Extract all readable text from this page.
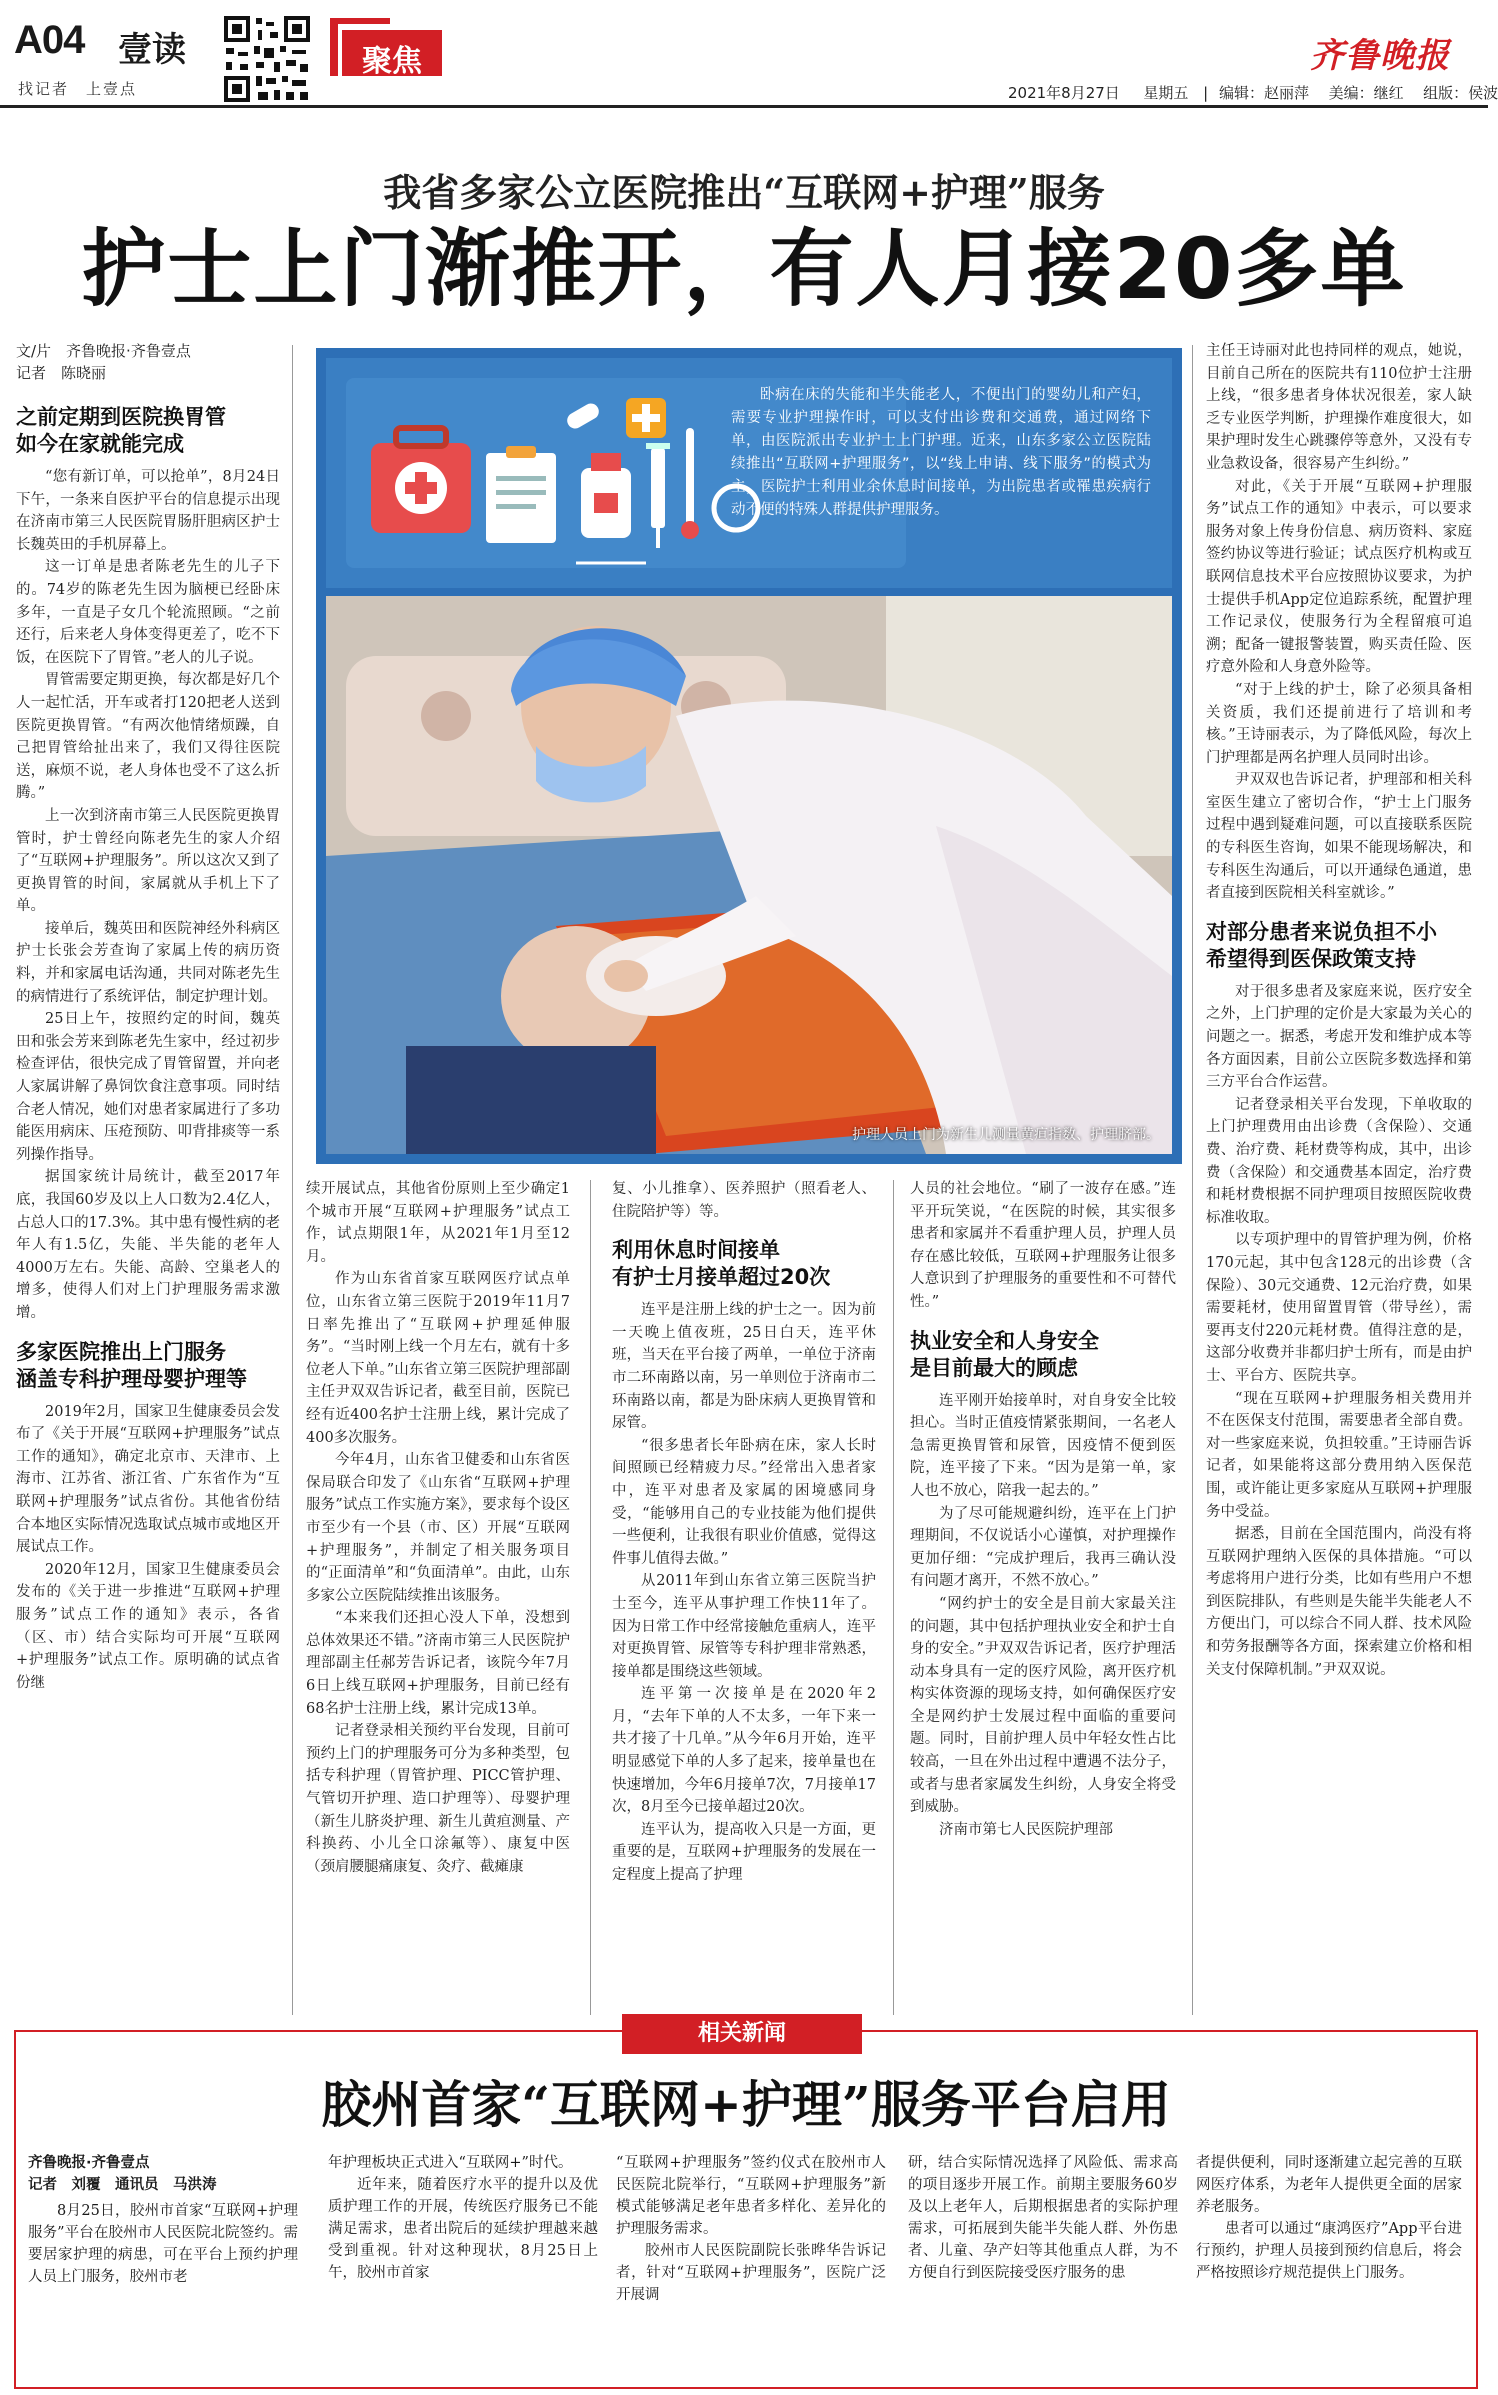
A04 壹读
找记者　上壹点
聚焦
2021年8月27日 星期五 | 编辑：赵丽萍 美编：继红 组版：侯波
齐鲁晚报
我省多家公立医院推出“互联网+护理”服务
护士上门渐推开，有人月接20多单

文/片　齐鲁晚报·齐鲁壹点

记者　陈晓丽

之前定期到医院换胃管
如今在家就能完成

“您有新订单，可以抢单”，8月24日下午，一条来自医护平台的信息提示出现在济南市第三人民医院胃肠肝胆病区护士长魏英田的手机屏幕上。

这一订单是患者陈老先生的儿子下的。74岁的陈老先生因为脑梗已经卧床多年，一直是子女几个轮流照顾。“之前还行，后来老人身体变得更差了，吃不下饭，在医院下了胃管。”老人的儿子说。

胃管需要定期更换，每次都是好几个人一起忙活，开车或者打120把老人送到医院更换胃管。“有两次他情绪烦躁，自己把胃管给扯出来了，我们又得往医院送，麻烦不说，老人身体也受不了这么折腾。”

上一次到济南市第三人民医院更换胃管时，护士曾经向陈老先生的家人介绍了“互联网+护理服务”。所以这次又到了更换胃管的时间，家属就从手机上下了单。

接单后，魏英田和医院神经外科病区护士长张会芳查询了家属上传的病历资料，并和家属电话沟通，共同对陈老先生的病情进行了系统评估，制定护理计划。

25日上午，按照约定的时间，魏英田和张会芳来到陈老先生家中，经过初步检查评估，很快完成了胃管留置，并向老人家属讲解了鼻饲饮食注意事项。同时结合老人情况，她们对患者家属进行了多功能医用病床、压疮预防、叩背排痰等一系列操作指导。

据国家统计局统计，截至2017年底，我国60岁及以上人口数为2.4亿人，占总人口的17.3%。其中患有慢性病的老年人有1.5亿，失能、半失能的老年人4000万左右。失能、高龄、空巢老人的增多，使得人们对上门护理服务需求激增。

多家医院推出上门服务
涵盖专科护理母婴护理等

2019年2月，国家卫生健康委员会发布了《关于开展“互联网+护理服务”试点工作的通知》，确定北京市、天津市、上海市、江苏省、浙江省、广东省作为“互联网+护理服务”试点省份。其他省份结合本地区实际情况选取试点城市或地区开展试点工作。

2020年12月，国家卫生健康委员会发布的《关于进一步推进“互联网+护理服务”试点工作的通知》表示，各省（区、市）结合实际均可开展“互联网+护理服务”试点工作。原明确的试点省份继

卧病在床的失能和半失能老人，不便出门的婴幼儿和产妇，需要专业护理操作时，可以支付出诊费和交通费，通过网络下单，由医院派出专业护士上门护理。近来，山东多家公立医院陆续推出“互联网+护理服务”，以“线上申请、线下服务”的模式为主，医院护士利用业余休息时间接单，为出院患者或罹患疾病行动不便的特殊人群提供护理服务。
护理人员上门为新生儿测量黄疸指数、护理脐部。

续开展试点，其他省份原则上至少确定1个城市开展“互联网+护理服务”试点工作，试点期限1年，从2021年1月至12月。

作为山东省首家互联网医疗试点单位，山东省立第三医院于2019年11月7日率先推出了“互联网+护理延伸服务”。“当时刚上线一个月左右，就有十多位老人下单。”山东省立第三医院护理部副主任尹双双告诉记者，截至目前，医院已经有近400名护士注册上线，累计完成了400多次服务。

今年4月，山东省卫健委和山东省医保局联合印发了《山东省“互联网+护理服务”试点工作实施方案》，要求每个设区市至少有一个县（市、区）开展“互联网+护理服务”，并制定了相关服务项目的“正面清单”和“负面清单”。由此，山东多家公立医院陆续推出该服务。

“本来我们还担心没人下单，没想到总体效果还不错。”济南市第三人民医院护理部副主任郝芳告诉记者，该院今年7月6日上线互联网+护理服务，目前已经有68名护士注册上线，累计完成13单。

记者登录相关预约平台发现，目前可预约上门的护理服务可分为多种类型，包括专科护理（胃管护理、PICC管护理、气管切开护理、造口护理等）、母婴护理（新生儿脐炎护理、新生儿黄疸测量、产科换药、小儿全口涂氟等）、康复中医（颈肩腰腿痛康复、灸疗、截瘫康

复、小儿推拿）、医养照护（照看老人、住院陪护等）等。

利用休息时间接单
有护士月接单超过20次

连平是注册上线的护士之一。因为前一天晚上值夜班，25日白天，连平休班，当天在平台接了两单，一单位于济南市二环南路以南，另一单则位于济南市二环南路以南，都是为卧床病人更换胃管和尿管。

“很多患者长年卧病在床，家人长时间照顾已经精疲力尽。”经常出入患者家中，连平对患者及家属的困境感同身受，“能够用自己的专业技能为他们提供一些便利，让我很有职业价值感，觉得这件事儿值得去做。”

从2011年到山东省立第三医院当护士至今，连平从事护理工作快11年了。因为日常工作中经常接触危重病人，连平对更换胃管、尿管等专科护理非常熟悉，接单都是围绕这些领域。

连平第一次接单是在2020年2月，“去年下单的人不太多，一年下来一共才接了十几单。”从今年6月开始，连平明显感觉下单的人多了起来，接单量也在快速增加，今年6月接单7次，7月接单17次，8月至今已接单超过20次。

连平认为，提高收入只是一方面，更重要的是，互联网+护理服务的发展在一定程度上提高了护理

人员的社会地位。“刷了一波存在感。”连平开玩笑说，“在医院的时候，其实很多患者和家属并不看重护理人员，护理人员存在感比较低，互联网+护理服务让很多人意识到了护理服务的重要性和不可替代性。”

执业安全和人身安全
是目前最大的顾虑

连平刚开始接单时，对自身安全比较担心。当时正值疫情紧张期间，一名老人急需更换胃管和尿管，因疫情不便到医院，连平接了下来。“因为是第一单，家人也不放心，陪我一起去的。”

为了尽可能规避纠纷，连平在上门护理期间，不仅说话小心谨慎，对护理操作更加仔细：“完成护理后，我再三确认没有问题才离开，不然不放心。”

“网约护士的安全是目前大家最关注的问题，其中包括护理执业安全和护士自身的安全。”尹双双告诉记者，医疗护理活动本身具有一定的医疗风险，离开医疗机构实体资源的现场支持，如何确保医疗安全是网约护士发展过程中面临的重要问题。同时，目前护理人员中年轻女性占比较高，一旦在外出过程中遭遇不法分子，或者与患者家属发生纠纷，人身安全将受到威胁。

济南市第七人民医院护理部

主任王诗丽对此也持同样的观点，她说，目前自己所在的医院共有110位护士注册上线，“很多患者身体状况很差，家人缺乏专业医学判断，护理操作难度很大，如果护理时发生心跳骤停等意外，又没有专业急救设备，很容易产生纠纷。”

对此，《关于开展“互联网+护理服务”试点工作的通知》中表示，可以要求服务对象上传身份信息、病历资料、家庭签约协议等进行验证；试点医疗机构或互联网信息技术平台应按照协议要求，为护士提供手机App定位追踪系统，配置护理工作记录仪，使服务行为全程留痕可追溯；配备一键报警装置，购买责任险、医疗意外险和人身意外险等。

“对于上线的护士，除了必须具备相关资质，我们还提前进行了培训和考核。”王诗丽表示，为了降低风险，每次上门护理都是两名护理人员同时出诊。

尹双双也告诉记者，护理部和相关科室医生建立了密切合作，“护士上门服务过程中遇到疑难问题，可以直接联系医院的专科医生咨询，如果不能现场解决，和专科医生沟通后，可以开通绿色通道，患者直接到医院相关科室就诊。”

对部分患者来说负担不小
希望得到医保政策支持

对于很多患者及家庭来说，医疗安全之外，上门护理的定价是大家最为关心的问题之一。据悉，考虑开发和维护成本等各方面因素，目前公立医院多数选择和第三方平台合作运营。

记者登录相关平台发现，下单收取的上门护理费用由出诊费（含保险）、交通费、治疗费、耗材费等构成，其中，出诊费（含保险）和交通费基本固定，治疗费和耗材费根据不同护理项目按照医院收费标准收取。

以专项护理中的胃管护理为例，价格170元起，其中包含128元的出诊费（含保险）、30元交通费、12元治疗费，如果需要耗材，使用留置胃管（带导丝），需要再支付220元耗材费。值得注意的是，这部分收费并非都归护士所有，而是由护士、平台方、医院共享。

“现在互联网+护理服务相关费用并不在医保支付范围，需要患者全部自费。对一些家庭来说，负担较重。”王诗丽告诉记者，如果能将这部分费用纳入医保范围，或许能让更多家庭从互联网+护理服务中受益。

据悉，目前在全国范围内，尚没有将互联网护理纳入医保的具体措施。“可以考虑将用户进行分类，比如有些用户不想到医院排队，有些则是失能半失能老人不方便出门，可以综合不同人群、技术风险和劳务报酬等各方面，探索建立价格和相关支付保障机制。”尹双双说。

相关新闻
胶州首家“互联网+护理”服务平台启用

齐鲁晚报·齐鲁壹点

记者　刘覆　通讯员　马洪涛

8月25日，胶州市首家“互联网+护理服务”平台在胶州市人民医院北院签约。需要居家护理的病患，可在平台上预约护理人员上门服务，胶州市老

年护理板块正式进入“互联网+”时代。

近年来，随着医疗水平的提升以及优质护理工作的开展，传统医疗服务已不能满足需求，患者出院后的延续护理越来越受到重视。针对这种现状，8月25日上午，胶州市首家

“互联网+护理服务”签约仪式在胶州市人民医院北院举行，“互联网+护理服务”新模式能够满足老年患者多样化、差异化的护理服务需求。

胶州市人民医院副院长张晔华告诉记者，针对“互联网+护理服务”，医院广泛开展调

研，结合实际情况选择了风险低、需求高的项目逐步开展工作。前期主要服务60岁及以上老年人，后期根据患者的实际护理需求，可拓展到失能半失能人群、外伤患者、儿童、孕产妇等其他重点人群，为不方便自行到医院接受医疗服务的患

者提供便利，同时逐渐建立起完善的互联网医疗体系，为老年人提供更全面的居家养老服务。

患者可以通过“康鸿医疗”App平台进行预约，护理人员接到预约信息后，将会严格按照诊疗规范提供上门服务。
